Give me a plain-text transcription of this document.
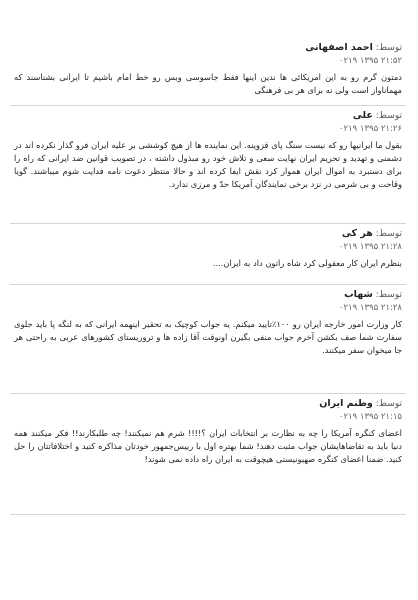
توسط: احمد اصفهانی
۲۱:۵۲ ۱۳۹۵ ۰۲۱۹
دمتون گرم رو به این امریکائی ها ندین اینها فقط جاسوسی وبس رو خط امام باشیم تا ایرانی بشناسند که مهماناواز است ولی نه برای هر بی فرهنگی
توسط: علی
۲۱:۲۶ ۱۳۹۵ ۰۲۱۹
بقول ما ایرانیها رو که نیست سنگ پای قزوینه. این نماینده ها از هیچ کوششی بر علیه ایران فرو گذار نکرده اند در دشمنی و تهدید و تحریم ایران نهایت سعی و تلاش خود رو مبذول داشته ، در تصویب قوانین ضد ایرانی که راه را برای دستبرد به اموال ایران هموار کرد نقش ایفا کرده اند و حالا منتظر دعوت نامه فدایت شوم میباشند. گویا وقاحت و بی شرمی در نزد برخی نمایندگان آمریکا حدّ و مرزی ندارد.
توسط: هر کی
۲۱:۲۸ ۱۳۹۵ ۰۲۱۹
بنظرم ایران کار معقولی کرد شاه راتون داد به ایران....
توسط: شهاب
۲۱:۲۸ ۱۳۹۵ ۰۲۱۹
کار وزارت امور خارجه ایران رو ۱۰۰٪تایید میکنم. یه جواب کوچیک به تحقیر اینهمه ایرانی که به لنگه پا باید جلوی سفارت شما صف بکشن آخرم جواب منفی بگیرن اونوقت آقا زاده ها و تروریستای کشورهای عربی به راحتی هر جا میخوان سفر میکنند.
توسط: وطنم ایران
۲۱:۱۵ ۱۳۹۵ ۰۲۱۹
اعضای کنگره آمریکا را چه به نظارت بر انتخابات ایران ؟!!!! شرم هم نمیکنند! چه طلبکارند!! فکر میکنند همه دنیا باید به تقاضاهایشان جواب مثبت دهند! شما بهتره اول با رییس‌جمهور خودتان مذاکره کنید و اختلافاتتان را حل کنید. ضمنا اعضای کنگره صهیونیستی هیچوقت به ایران راه داده نمی شوند!
